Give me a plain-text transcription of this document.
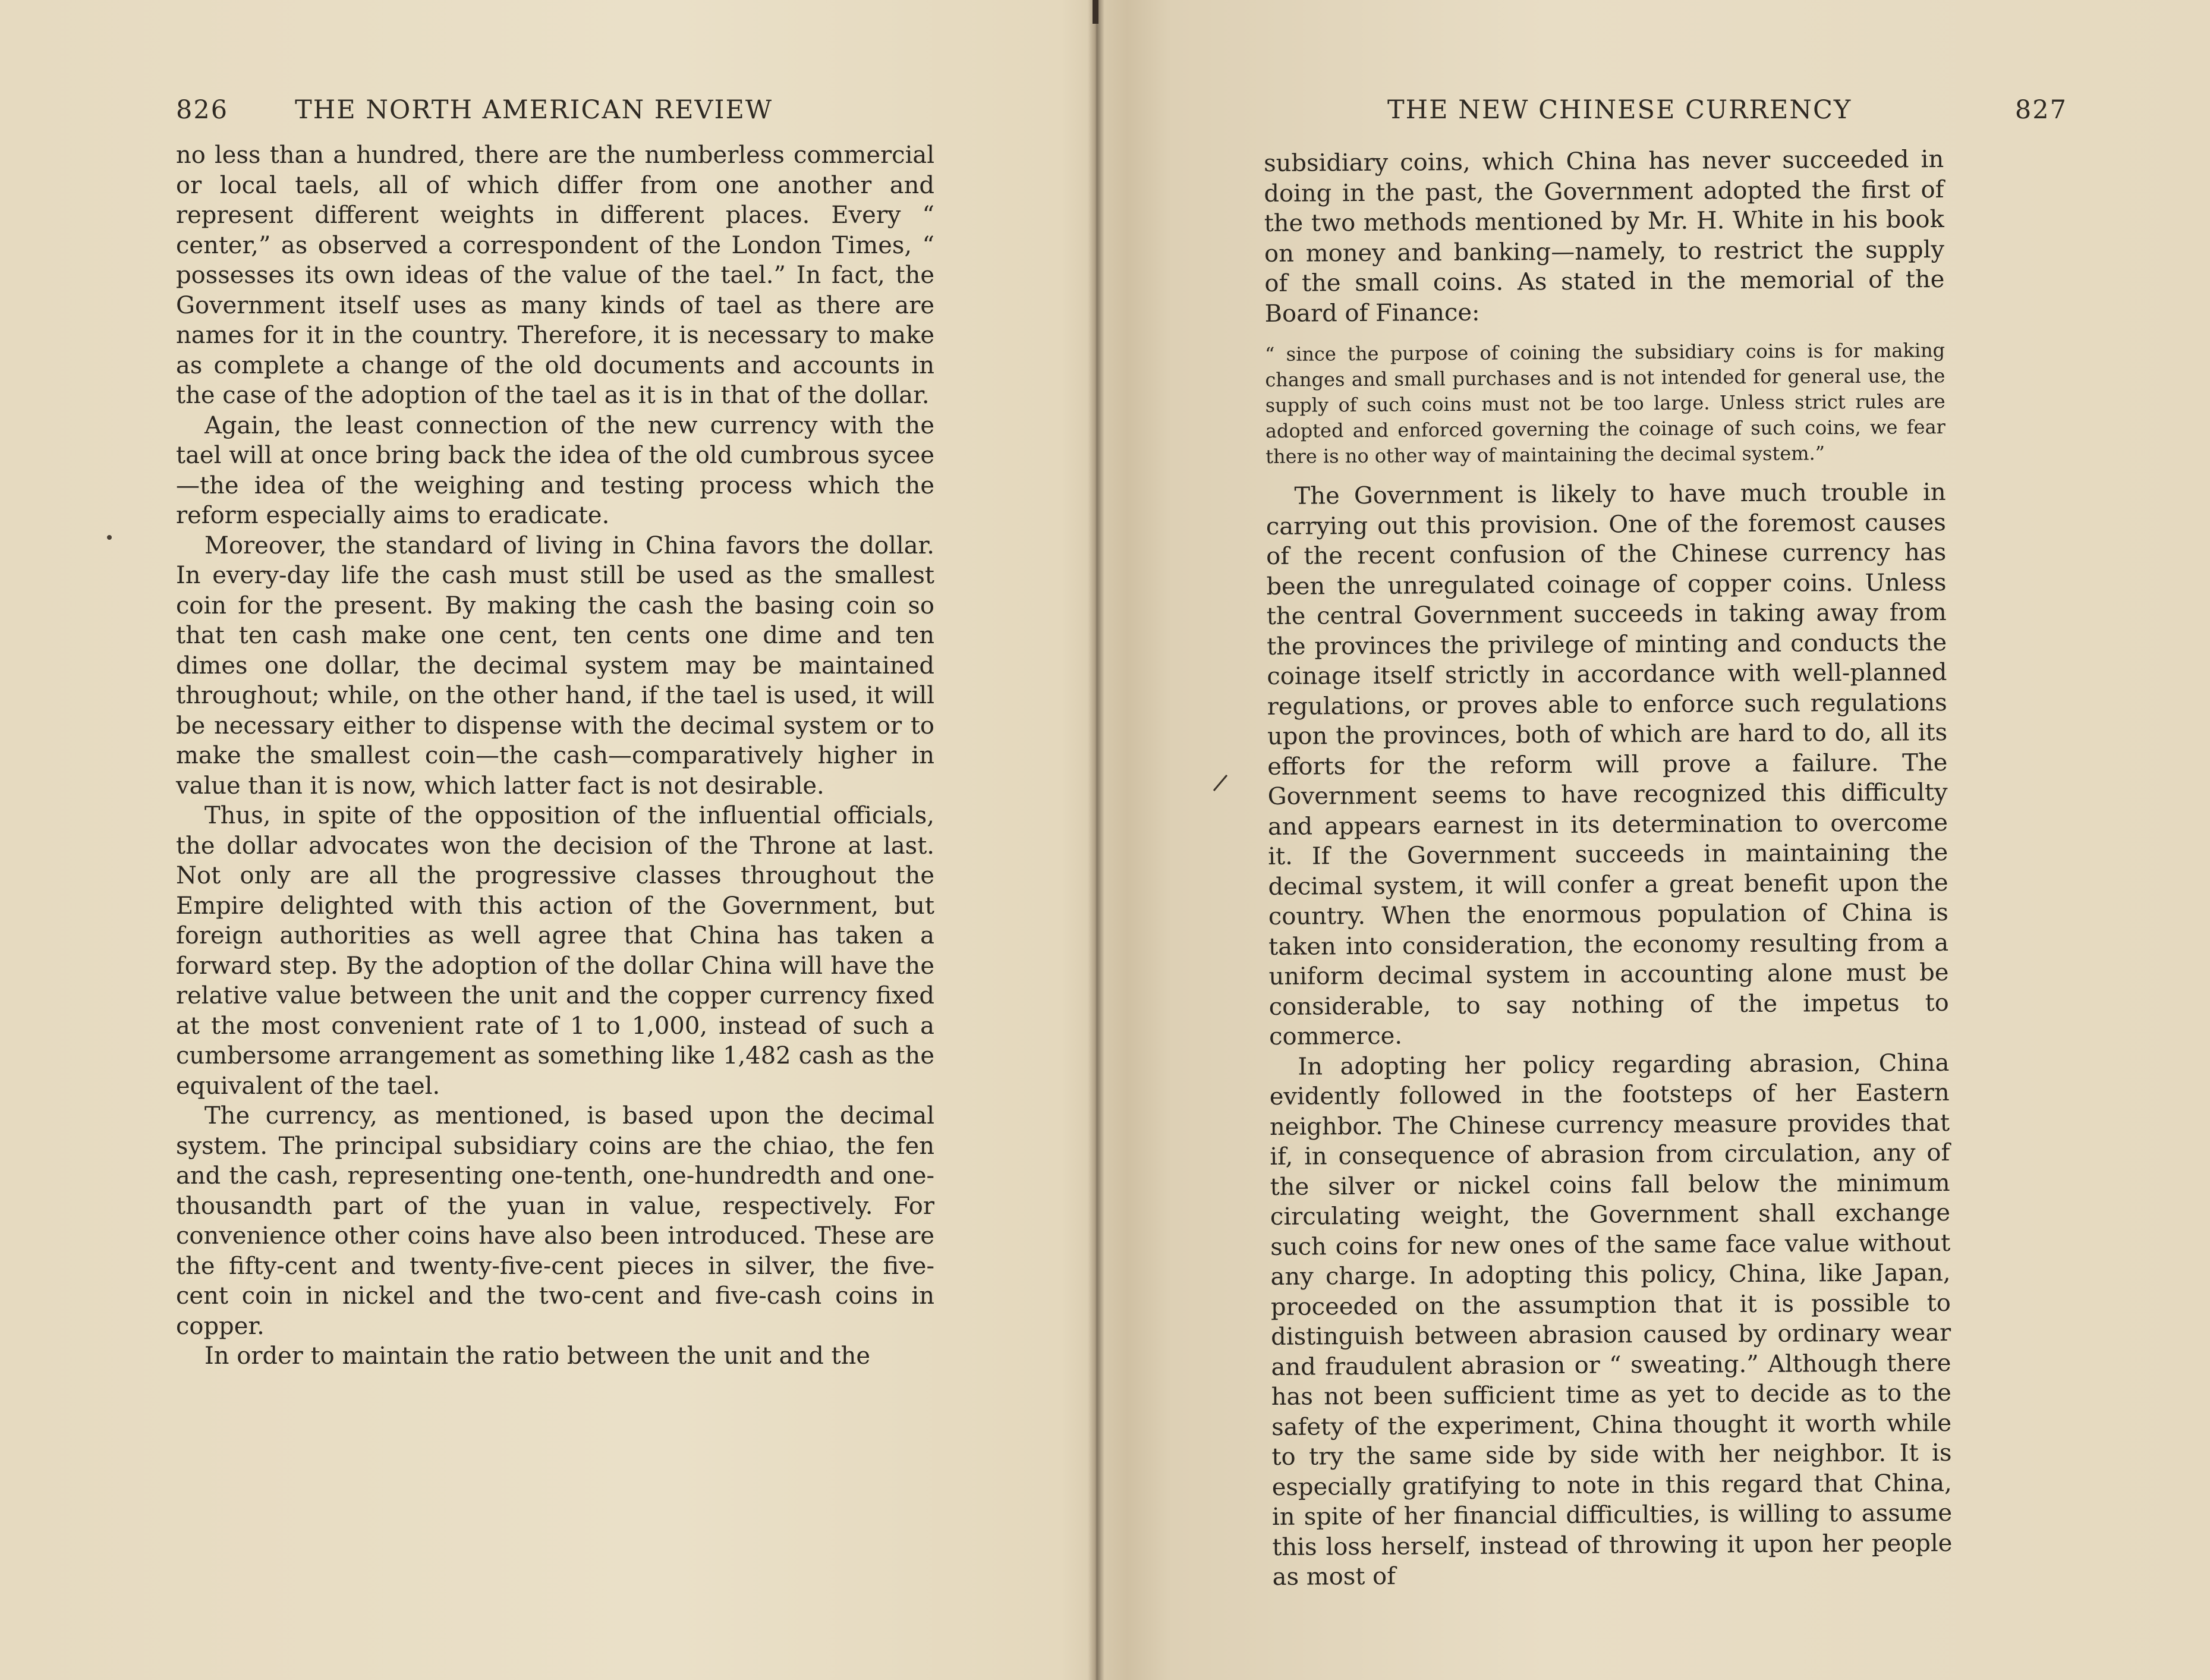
826	THE NORTH AMERICAN REVIEW

no less than a hundred, there are the numberless commercial or local taels, all of which differ from one another and represent different weights in different places. Every “ center,” as observed a correspondent of the London Times, “ possesses its own ideas of the value of the tael.” In fact, the Government itself uses as many kinds of tael as there are names for it in the country. Therefore, it is necessary to make as complete a change of the old documents and accounts in the case of the adoption of the tael as it is in that of the dollar.

Again, the least connection of the new currency with the tael will at once bring back the idea of the old cumbrous sycee—the idea of the weighing and testing process which the reform especially aims to eradicate.

Moreover, the standard of living in China favors the dollar. In every-day life the cash must still be used as the smallest coin for the present. By making the cash the basing coin so that ten cash make one cent, ten cents one dime and ten dimes one dollar, the decimal system may be maintained throughout; while, on the other hand, if the tael is used, it will be necessary either to dispense with the decimal system or to make the smallest coin—the cash—comparatively higher in value than it is now, which latter fact is not desirable.

Thus, in spite of the opposition of the influential officials, the dollar advocates won the decision of the Throne at last. Not only are all the progressive classes throughout the Empire delighted with this action of the Government, but foreign authorities as well agree that China has taken a forward step. By the adoption of the dollar China will have the relative value between the unit and the copper currency fixed at the most convenient rate of 1 to 1,000, instead of such a cumbersome arrangement as something like 1,482 cash as the equivalent of the tael.

The currency, as mentioned, is based upon the decimal system. The principal subsidiary coins are the chiao, the fen and the cash, representing one-tenth, one-hundredth and one-thousandth part of the yuan in value, respectively. For convenience other coins have also been introduced. These are the fifty-cent and twenty-five-cent pieces in silver, the five-cent coin in nickel and the two-cent and five-cash coins in copper.

In order to maintain the ratio between the unit and the

THE NEW CHINESE CURRENCY	827

subsidiary coins, which China has never succeeded in doing in the past, the Government adopted the first of the two methods mentioned by Mr. H. White in his book on money and banking—namely, to restrict the supply of the small coins. As stated in the memorial of the Board of Finance:

“ since the purpose of coining the subsidiary coins is for making changes and small purchases and is not intended for general use, the supply of such coins must not be too large. Unless strict rules are adopted and enforced governing the coinage of such coins, we fear there is no other way of maintaining the decimal system.”

The Government is likely to have much trouble in carrying out this provision. One of the foremost causes of the recent confusion of the Chinese currency has been the unregulated coinage of copper coins. Unless the central Government succeeds in taking away from the provinces the privilege of minting and conducts the coinage itself strictly in accordance with well-planned regulations, or proves able to enforce such regulations upon the provinces, both of which are hard to do, all its efforts for the reform will prove a failure. The Government seems to have recognized this difficulty and appears earnest in its determination to overcome it. If the Government succeeds in maintaining the decimal system, it will confer a great benefit upon the country. When the enormous population of China is taken into consideration, the economy resulting from a uniform decimal system in accounting alone must be considerable, to say nothing of the impetus to commerce.

In adopting her policy regarding abrasion, China evidently followed in the footsteps of her Eastern neighbor. The Chinese currency measure provides that if, in consequence of abrasion from circulation, any of the silver or nickel coins fall below the minimum circulating weight, the Government shall exchange such coins for new ones of the same face value without any charge. In adopting this policy, China, like Japan, proceeded on the assumption that it is possible to distinguish between abrasion caused by ordinary wear and fraudulent abrasion or “ sweating.” Although there has not been sufficient time as yet to decide as to the safety of the experiment, China thought it worth while to try the same side by side with her neighbor. It is especially gratifying to note in this regard that China, in spite of her financial difficulties, is willing to assume this loss herself, instead of throwing it upon her people as most of
